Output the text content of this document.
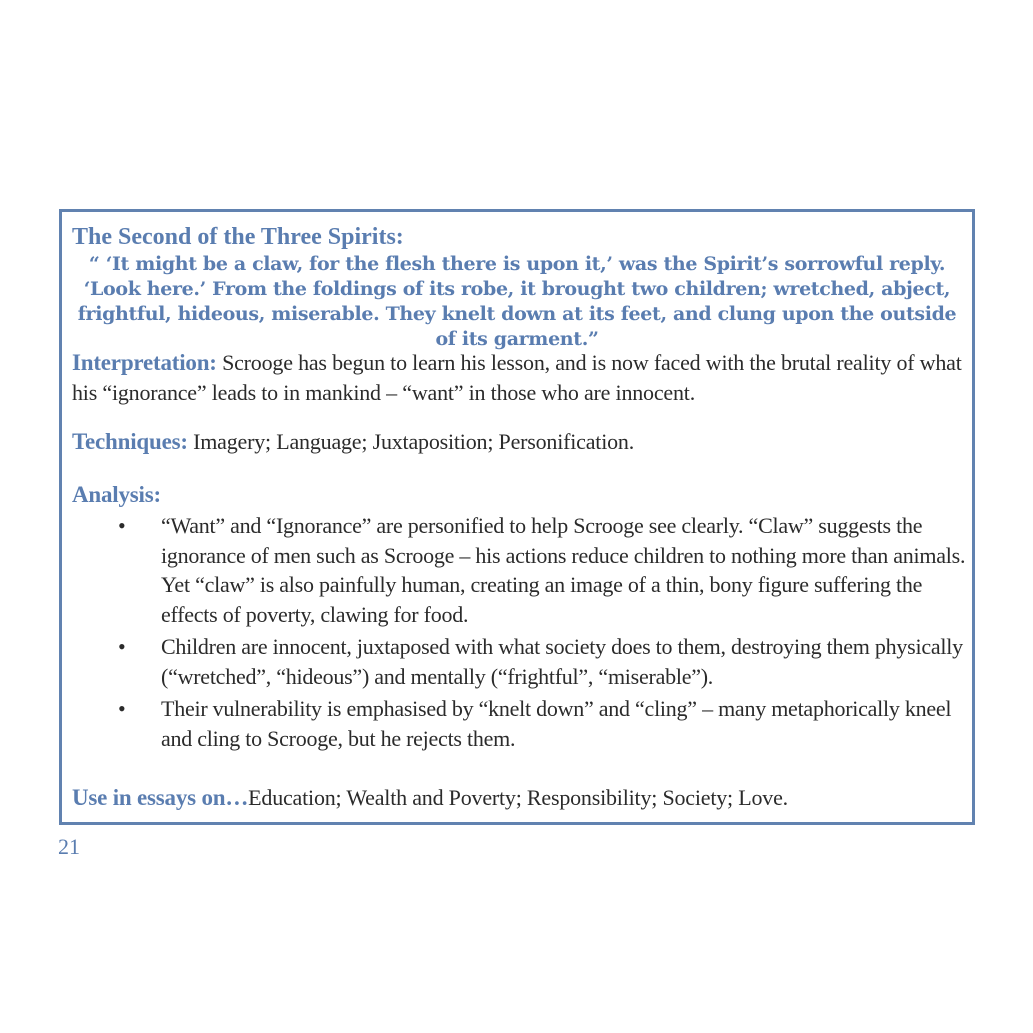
The Second of the Three Spirits:
“ ‘It might be a claw, for the flesh there is upon it,’ was the Spirit’s sorrowful reply. ‘Look here.’ From the foldings of its robe, it brought two children; wretched, abject, frightful, hideous, miserable. They knelt down at its feet, and clung upon the outside of its garment.”
Interpretation: Scrooge has begun to learn his lesson, and is now faced with the brutal reality of what his “ignorance” leads to in mankind – “want” in those who are innocent.
Techniques: Imagery; Language; Juxtaposition; Personification.
Analysis:
• “Want” and “Ignorance” are personified to help Scrooge see clearly. “Claw” suggests the ignorance of men such as Scrooge – his actions reduce children to nothing more than animals. Yet “claw” is also painfully human, creating an image of a thin, bony figure suffering the effects of poverty, clawing for food.
• Children are innocent, juxtaposed with what society does to them, destroying them physically (“wretched”, “hideous”) and mentally (“frightful”, “miserable”).
• Their vulnerability is emphasised by “knelt down” and “cling” – many metaphorically kneel and cling to Scrooge, but he rejects them.
Use in essays on…Education; Wealth and Poverty; Responsibility; Society; Love.
21
